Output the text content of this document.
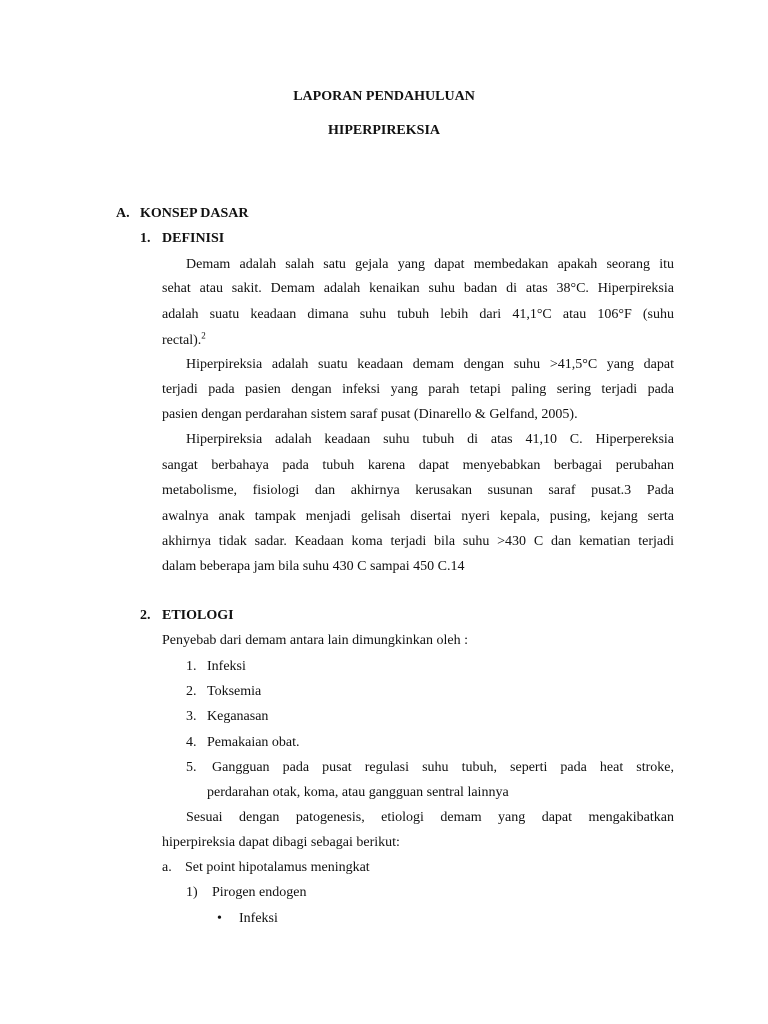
LAPORAN PENDAHULUAN
HIPERPIREKSIA
A. KONSEP DASAR
1. DEFINISI
Demam adalah salah satu gejala yang dapat membedakan apakah seorang itu
sehat atau sakit. Demam adalah kenaikan suhu badan di atas 38°C. Hiperpireksia
adalah suatu keadaan dimana suhu tubuh lebih dari 41,1°C atau 106°F (suhu
rectal).$^2$
Hiperpireksia adalah suatu keadaan demam dengan suhu >41,5°C yang dapat
terjadi pada pasien dengan infeksi yang parah tetapi paling sering terjadi pada
pasien dengan perdarahan sistem saraf pusat (Dinarello & Gelfand, 2005).
Hiperpireksia adalah keadaan suhu tubuh di atas 41,10 C. Hiperpereksia
sangat berbahaya pada tubuh karena dapat menyebabkan berbagai perubahan
metabolisme, fisiologi dan akhirnya kerusakan susunan saraf pusat.3 Pada
awalnya anak tampak menjadi gelisah disertai nyeri kepala, pusing, kejang serta
akhirnya tidak sadar. Keadaan koma terjadi bila suhu >430 C dan kematian terjadi
dalam beberapa jam bila suhu 430 C sampai 450 C.14
2. ETIOLOGI
Penyebab dari demam antara lain dimungkinkan oleh :
1. Infeksi
2. Toksemia
3. Keganasan
4. Pemakaian obat.
5. Gangguan pada pusat regulasi suhu tubuh, seperti pada heat stroke,
perdarahan otak, koma, atau gangguan sentral lainnya
Sesuai dengan patogenesis, etiologi demam yang dapat mengakibatkan
hiperpireksia dapat dibagi sebagai berikut:
a. Set point hipotalamus meningkat
1) Pirogen endogen
• Infeksi
